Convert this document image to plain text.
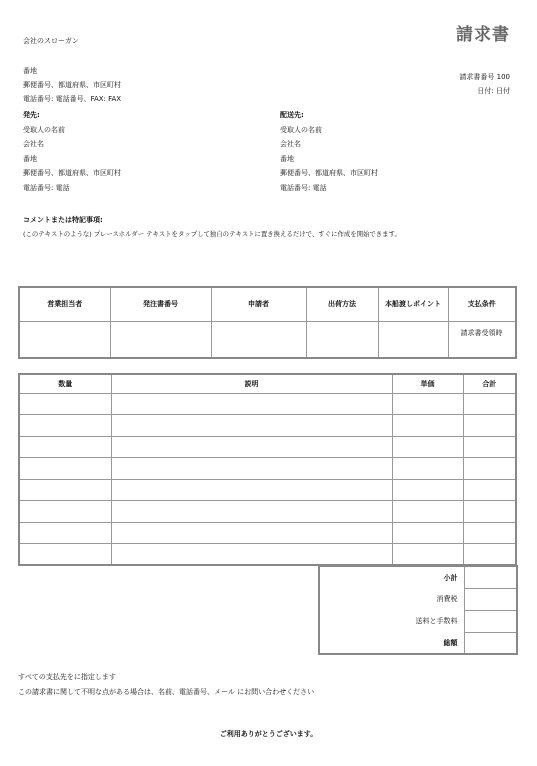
会社のスローガン	請求書
番地
郵便番号、都道府県、市区町村
電話番号: 電話番号、FAX: FAX
請求書番号 100
日付: 日付
発先:
受取人の名前
会社名
番地
郵便番号、都道府県、市区町村
電話番号: 電話
配送先:
受取人の名前
会社名
番地
郵便番号、都道府県、市区町村
電話番号: 電話
コメントまたは特記事項:
(このテキストのような) プレースホルダー テキストをタップして独自のテキストに置き換えるだけで、すぐに作成を開始できます。
営業担当者	発注書番号	申請者	出荷方法	本船渡しポイント	支払条件
					請求書受領時
数量	説明	単価	合計

小計	
消費税	
送料と手数料	
総額	
すべての支払先をに指定します
この請求書に関して不明な点がある場合は、名前、電話番号、メール にお問い合わせください
ご利用ありがとうございます。
